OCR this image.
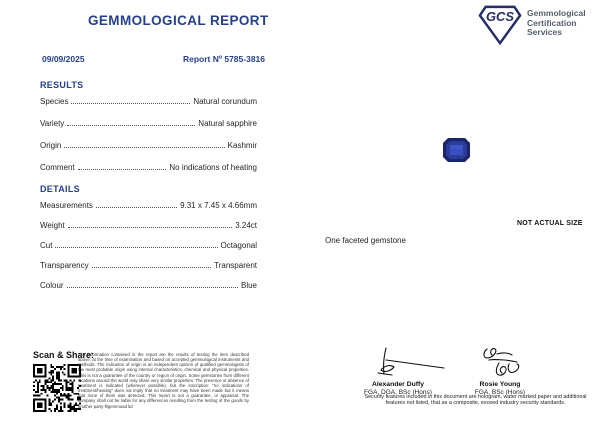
GEMMOLOGICAL REPORT	GCS Gemmological
Certification
Services
09/09/2025	Report Nº 5785-3816
RESULTS
Species	Natural corundum
Variety	Natural sapphire
Origin	Kashmir
Comment	No indications of heating
DETAILS
Measurements	9.31 x 7.45 x 4.66mm
Weight	3.24ct
Cut	Octagonal
Transparency	Transparent
Colour	Blue
NOT ACTUAL SIZE
One faceted gemstone
Scan & Share:
The information contained in the report are the results of testing the item described above, at the time of examination and based on accepted gemmological instruments and methods. The indication of origin is an independent opinion of qualified gemmologists of the most probable origin using internal characteristics, chemical and physical properties. This is not a guarantee of the country or region of origin. Some gemstones from different locations around the world may share very similar properties. The presence or absence of treatment is indicated (wherever possible), but the inscription: "no indications of treatment/heating" does not imply that no treatment may have been made but it means that none of them was detected. This report is not a guarantee, or appraisal. The company shall not be liable for any differences resulting from the testing of the goods by another party-fligemmoad ltd
Alexander Duffy
FGA, DGA, BSc (Hons)
Rosie Young
FGA, BSc (Hons)
Security features included in this document are hologram, water marked paper and additional features not listed, that as a composite, exceed industry security standards.
